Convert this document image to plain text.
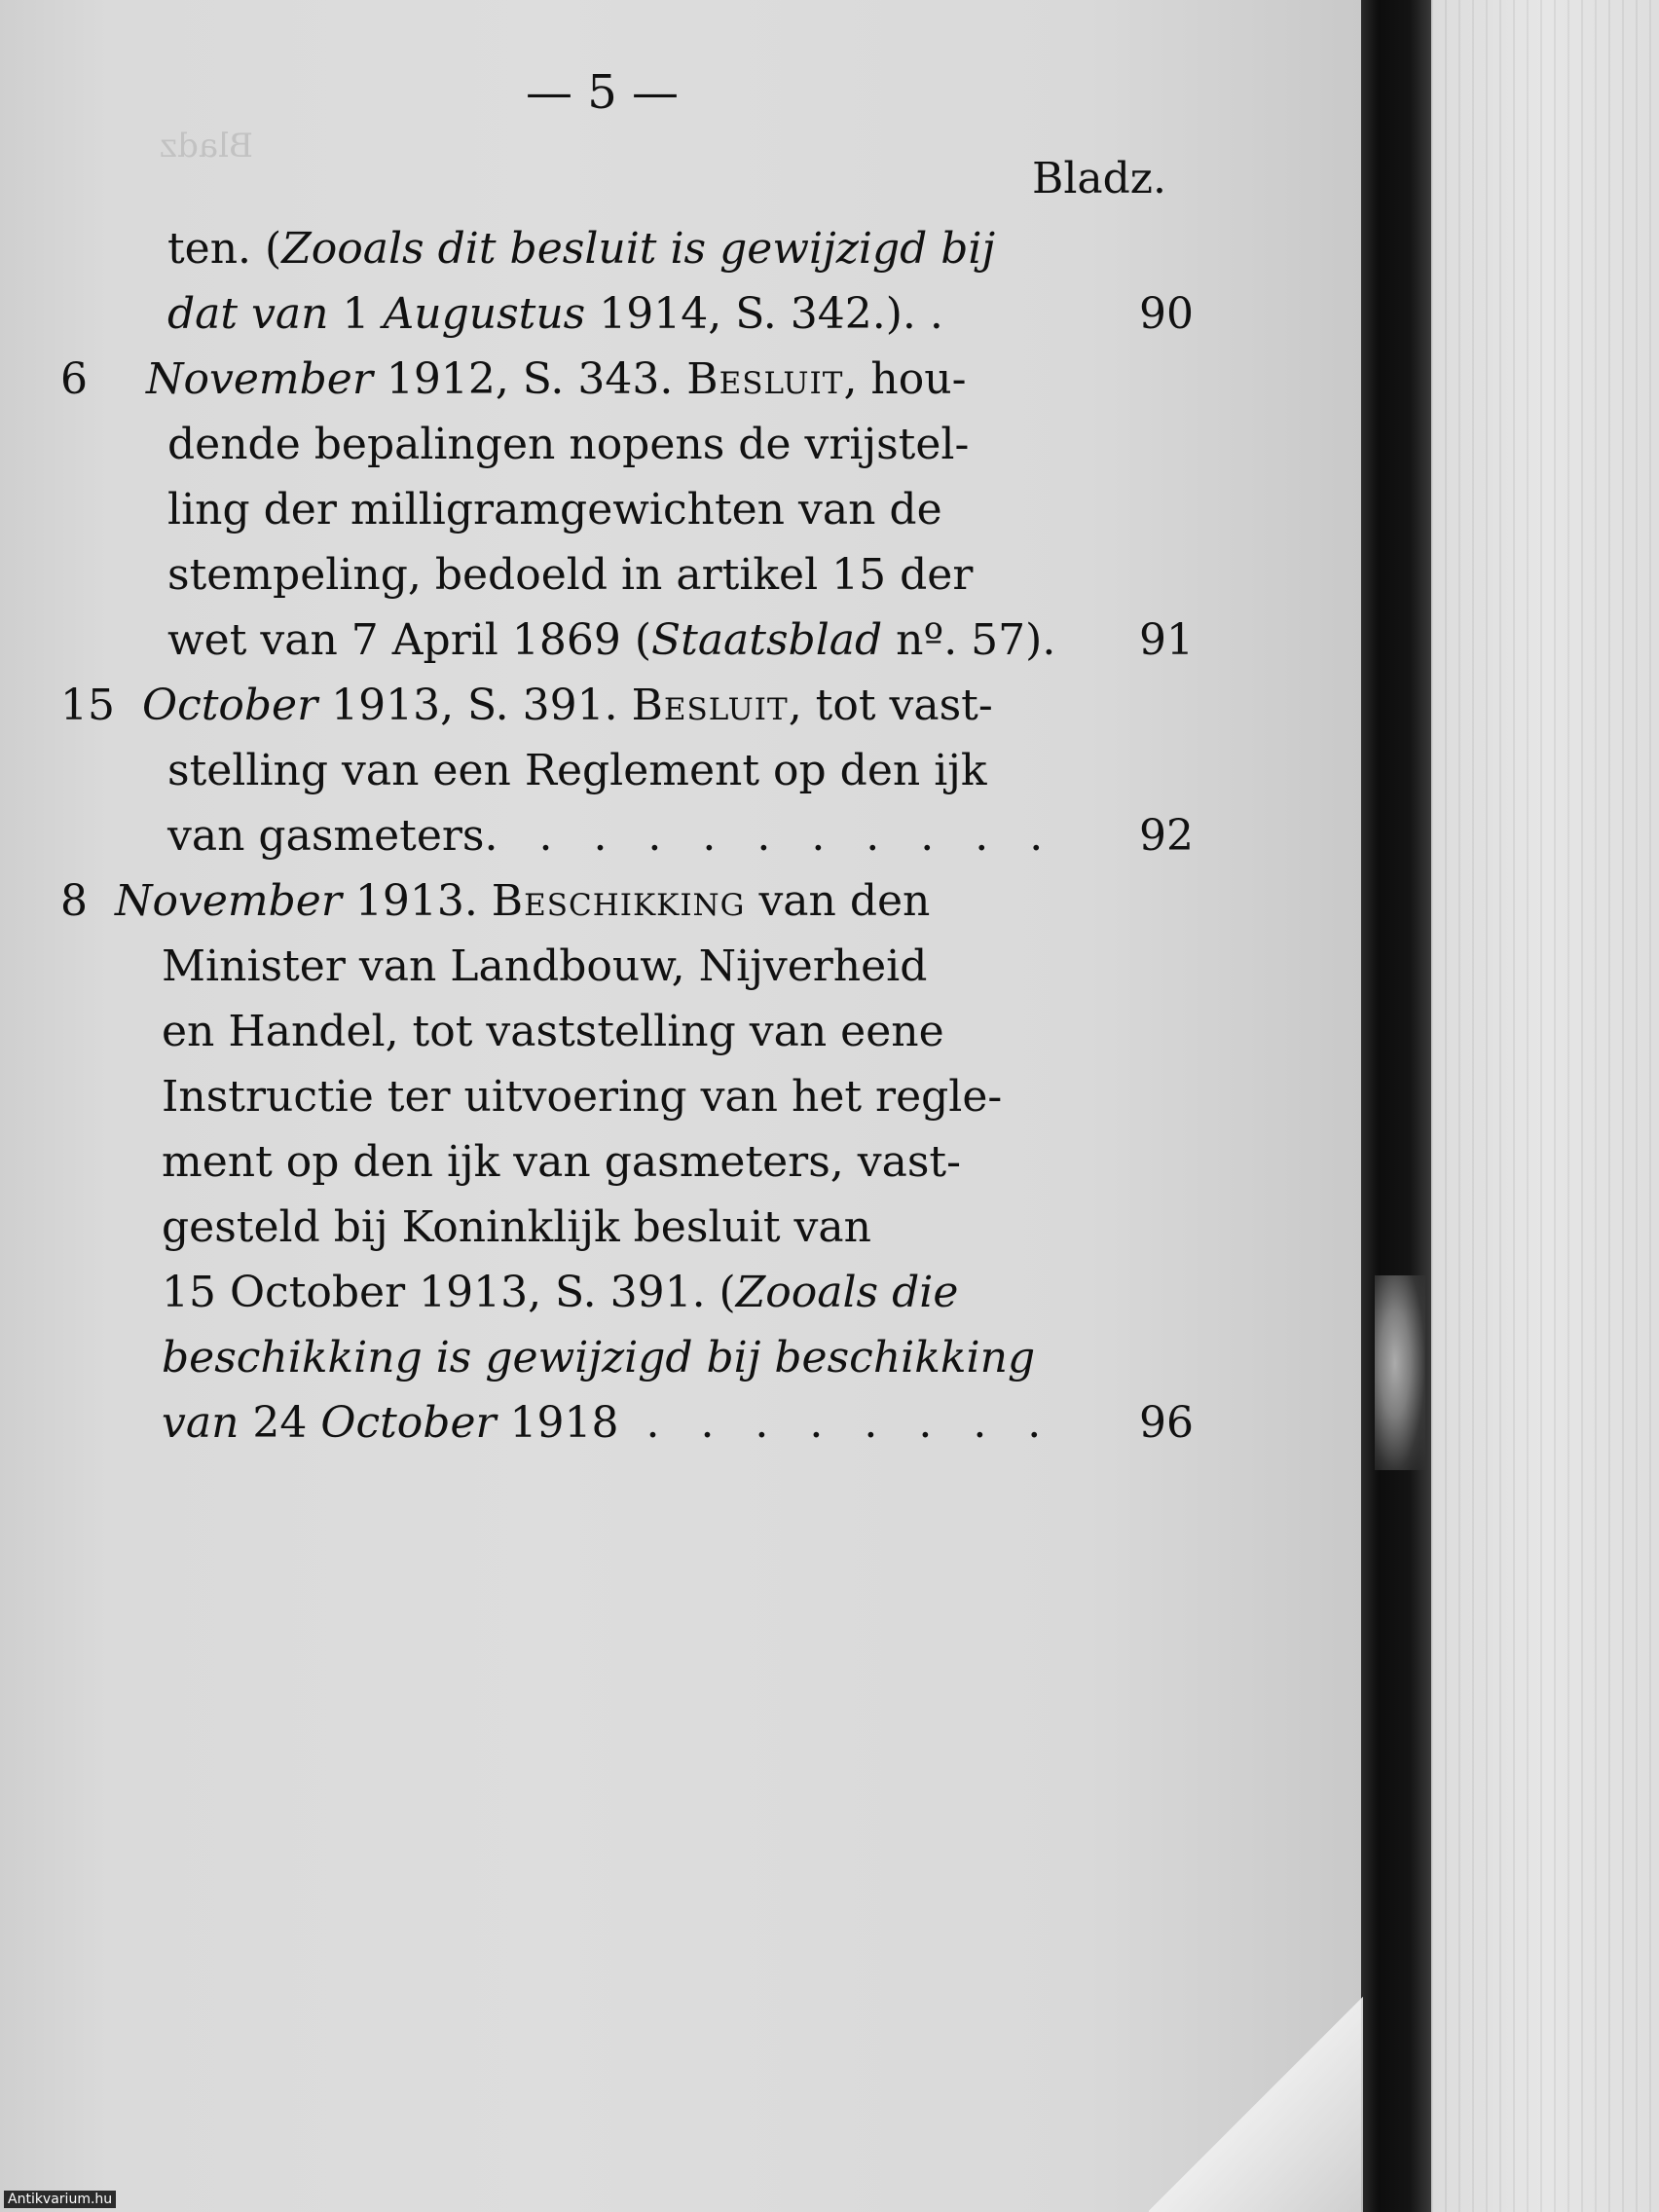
Bladz
— 5 —
Bladz.
ten. (Zooals dit besluit is gewijzigd bij
dat van 1 Augustus 1914, S. 342.). .	90
6 November 1912, S. 343. Besluit, hou-
dende bepalingen nopens de vrijstel-
ling der milligramgewichten van de
stempeling, bedoeld in artikel 15 der
wet van 7 April 1869 (Staatsblad nº. 57). 91
15 October 1913, S. 391. Besluit, tot vast-
stelling van een Reglement op den ijk
van gasmeters. . . . . . . . . . . 92
8 November 1913. Beschikking van den
Minister van Landbouw, Nijverheid
en Handel, tot vaststelling van eene
Instructie ter uitvoering van het regle-
ment op den ijk van gasmeters, vast-
gesteld bij Koninklijk besluit van
15 October 1913, S. 391. (Zooals die
beschikking is gewijzigd bij beschikking
van 24 October 1918 . . . . . . . . 96
Antikvarium.hu
